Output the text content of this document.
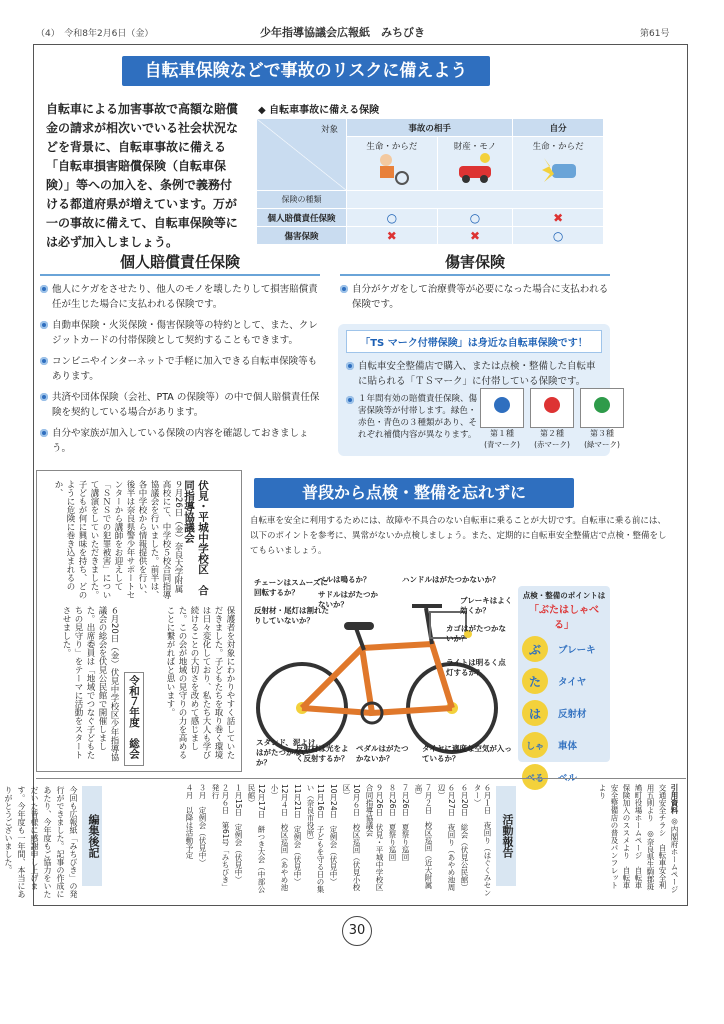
（4）　令和8年2月6日（金）	少年指導協議会広報紙　みちびき	第61号
自転車保険などで事故のリスクに備えよう
自転車による加害事故で高額な賠償金の請求が相次いでいる社会状況などを背景に、自転車事故に備える「自転車損害賠償保険（自転車保険）」等への加入を、条例で義務付ける都道府県が増えています。万が一の事故に備えて、自転車保険等には必ず加入しましょう。
◆ 自転車事故に備える保険
対象	事故の相手		自分

	生命・からだ	財産・モノ	生命・からだ

保険の種類			
個人賠償責任保険	○	○	✖
傷害保険	✖	✖	○
個人賠償責任保険
他人にケガをさせたり、他人のモノを壊したりして損害賠償責任が生じた場合に支払われる保険です。
自動車保険・火災保険・傷害保険等の特約として、また、クレジットカードの付帯保険として契約することもできます。
コンビニやインターネットで手軽に加入できる自転車保険等もあります。
共済や団体保険（会社、PTA の保険等）の中で個人賠償責任保険を契約している場合があります。
自分や家族が加入している保険の内容を確認しておきましょう。
傷害保険
自分がケガをして治療費等が必要になった場合に支払われる保険です。
「TS マーク付帯保険」は身近な自転車保険です！
自転車安全整備店で購入、または点検・整備した自転車に貼られる「ＴＳマーク」に付帯している保険です。
１年間有効の賠償責任保険、傷害保険等が付帯します。緑色・赤色・青色の３種類があり、それぞれ補償内容が異なります。	第１種
(青マーク)
第２種
(赤マーク)
第３種
(緑マーク)
伏見・平城中学校区　合同指導協議会
９月26日（金）奈良大学附属高校にて、中学校５校合同指導協議会を行いました。前半は、各中学校から情報提供を行い、後半は奈良県警少年サポートセンターから講師をお迎えして「ＳＮＳでの犯罪被害」について講演をしていただきました。子どもが何に興味を持ち、どのように危険に巻き込まれるのか、
保護者を対象にわかりやすく話していただきました。子どもたちを取り巻く環境は日々変化しており、私たち大人も学び続けることの大切さを改めて感じました。この会が地域の見守りの力を高めることに繋がればと思います。
令和７年度　総会
６月20日（金）伏見中学校区少年指導協議会の総会を伏見公民館で開催しました。出席委員は「地域でつなぐ子どもたちの見守り」をテーマに活動をスタートさせました。
普段から点検・整備を忘れずに
自転車を安全に利用するためには、故障や不具合のない自転車に乗ることが大切です。自転車に乗る前には、以下のポイントを参考に、異常がないか点検しましょう。また、定期的に自転車安全整備店で点検・整備をしてもらいましょう。
チェーンはスムーズに回転するか？
ベルは鳴るか？
サドルはがたつかないか？
ハンドルはがたつかないか？
ブレーキはよく効くか？
反射材・尾灯は割れたりしていないか？
カゴはがたつかないか？
ライトは明るく点灯するか？
スタンド、泥よけはがたつかないか？
反射材は光をよく反射するか？
ペダルはがたつかないか？
タイヤに適度な空気が入っているか？
点検・整備のポイントは
「ぶたはしゃべる」
ぶ	ブレーキ
た	タイヤ
は	反射材
しゃ	車体
べる	ベル
引用資料 ◎内閣府ホームページ　交通安全チラシ　自転車安全利用五則より　◎奈良県生駒郡斑鳩町役場ホームページ　自転車保険加入のススメより　自転車安全整備店の普及パンフレットより
活動報告
６月１日　夜回り（はぐくみセンター）
６月20日　総会（伏見公民館）
６月27日　夜回り（あやめ池周辺）
７月２日　校区巡回（近大附属高）
７月26日　夏祭り巡回
８月26日　夏祭り巡回
９月26日　伏見・平城中学校区合同指導協議会
10月６日　校区巡回（伏見小校区）
10月24日　定例会（伏見中）
11月16日　子どもを守る日の集い（奈良市役所）
11月21日　定例会（伏見中）
12月４日　校区巡回（あやめ池小）
12月17日　餅つき大会（中部公民館）
１月15日　定例会（伏見中）
２月６日　第61号「みちびき」発行
３月　定例会（伏見中）
４月　以降は活動予定
編集後記
今回も広報紙「みちびき」の発行ができました。記事の作成にあたり、今年度もご協力をいただいた皆様に感謝申し上げます。今年度も一年間、本当にありがとうございました。
30
